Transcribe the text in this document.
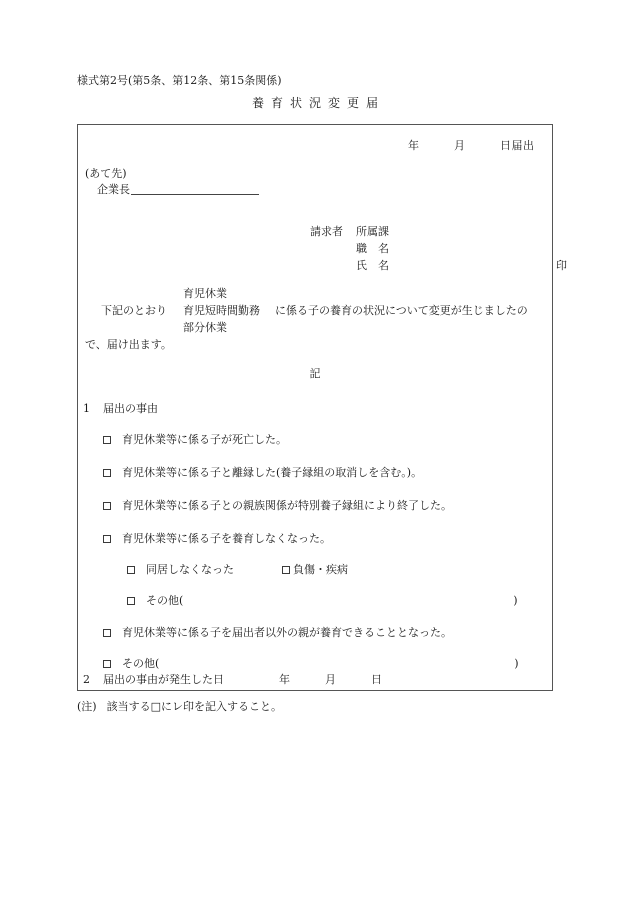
様式第2号(第5条、第12条、第15条関係)
養育状況変更届
年　　　月　　　日届出
(あて先)
企業長
請求者	所属課
職　名
氏　名	印
育児休業
下記のとおり	育児短時間勤務	に係る子の養育の状況について変更が生じましたの
部分休業
で、届け出ます。
記
1 届出の事由
育児休業等に係る子が死亡した。
育児休業等に係る子と離縁した(養子縁組の取消しを含む。)。
育児休業等に係る子との親族関係が特別養子縁組により終了した。
育児休業等に係る子を養育しなくなった。
同居しなくなった	負傷・疾病
その他(	)
育児休業等に係る子を届出者以外の親が養育できることとなった。
その他(	)
2	届出の事由が発生した日	年　　　月　　　日
(注) 該当する□にレ印を記入すること。
